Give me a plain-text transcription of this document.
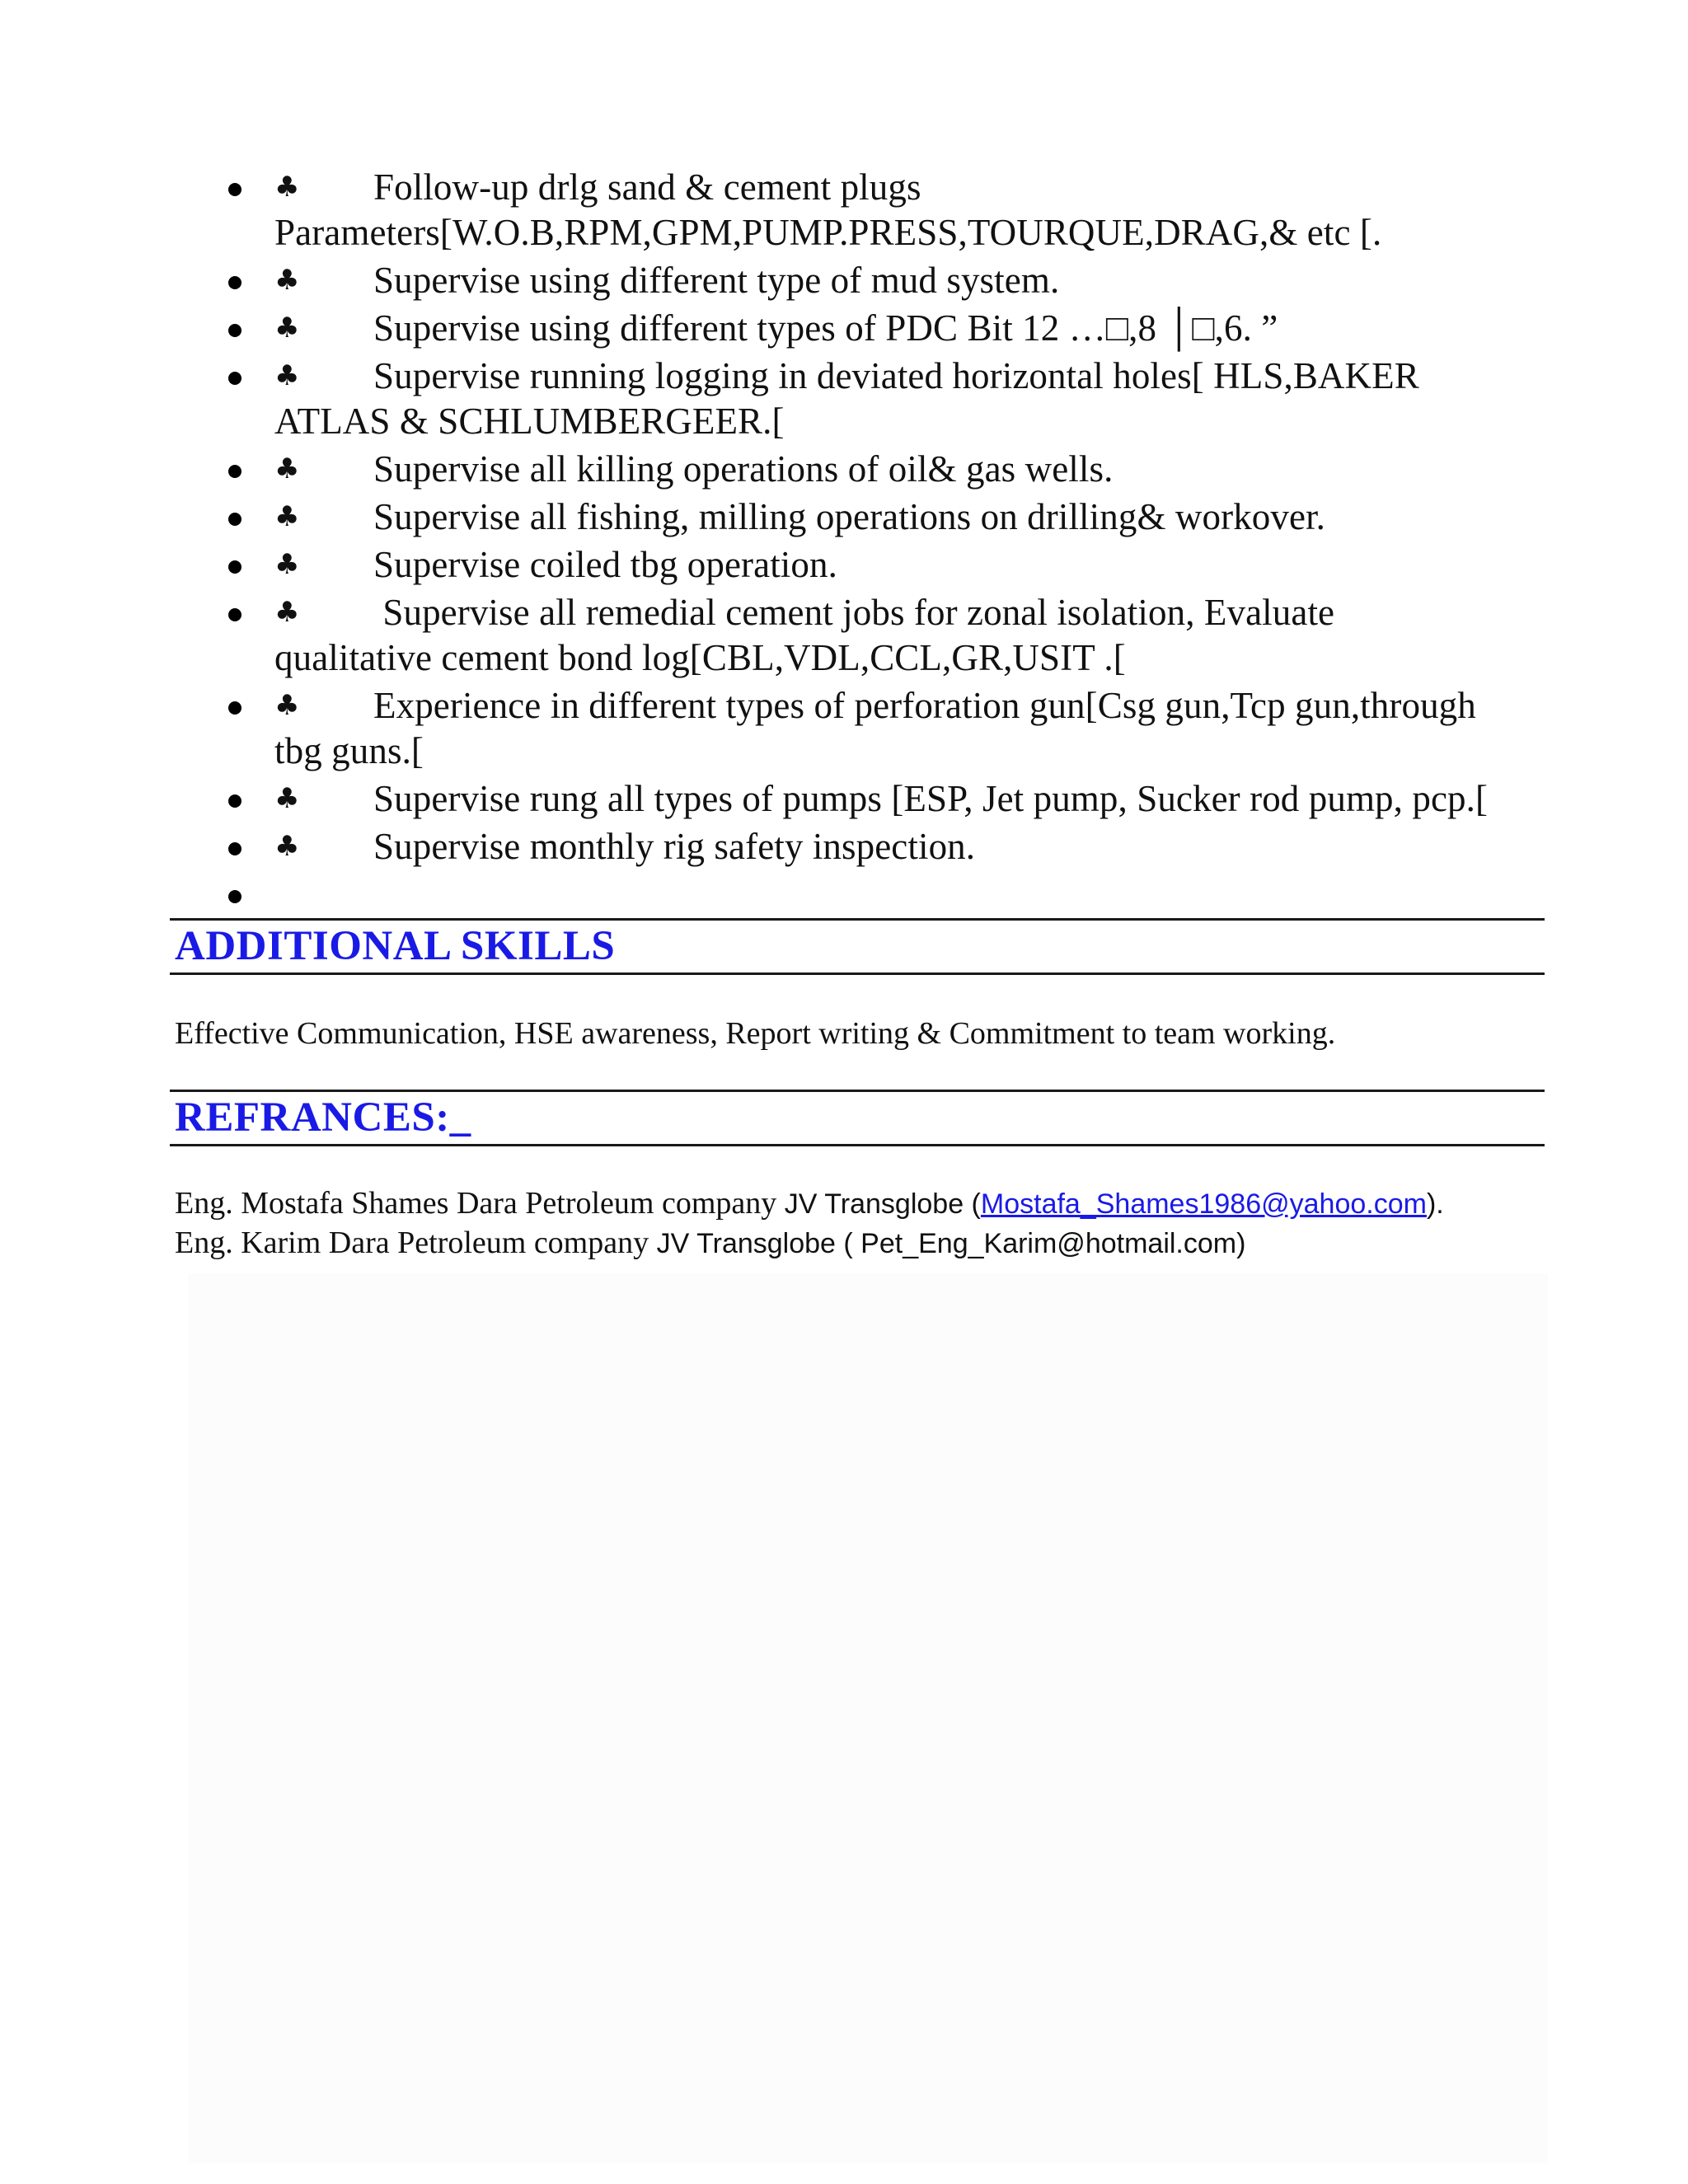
♣ Follow-up drlg sand & cement plugs
Parameters[W.O.B,RPM,GPM,PUMP.PRESS,TOURQUE,DRAG,& etc [.
♣ Supervise using different type of mud system.
♣ Supervise using different types of PDC Bit 12 …□,8 │□,6. ”
♣ Supervise running logging in deviated horizontal holes[ HLS,BAKER
ATLAS & SCHLUMBERGEER.[
♣ Supervise all killing operations of oil& gas wells.
♣ Supervise all fishing, milling operations on drilling& workover.
♣ Supervise coiled tbg operation.
♣ Supervise all remedial cement jobs for zonal isolation, Evaluate
qualitative cement bond log[CBL,VDL,CCL,GR,USIT .[
♣ Experience in different types of perforation gun[Csg gun,Tcp gun,through
tbg guns.[
♣ Supervise rung all types of pumps [ESP, Jet pump, Sucker rod pump, pcp.[
♣ Supervise monthly rig safety inspection.
ADDITIONAL SKILLS
Effective Communication, HSE awareness, Report writing & Commitment to team working.
REFRANCES:_
Eng. Mostafa Shames Dara Petroleum company JV Transglobe (Mostafa_Shames1986@yahoo.com).
Eng. Karim Dara Petroleum company JV Transglobe ( Pet_Eng_Karim@hotmail.com)
